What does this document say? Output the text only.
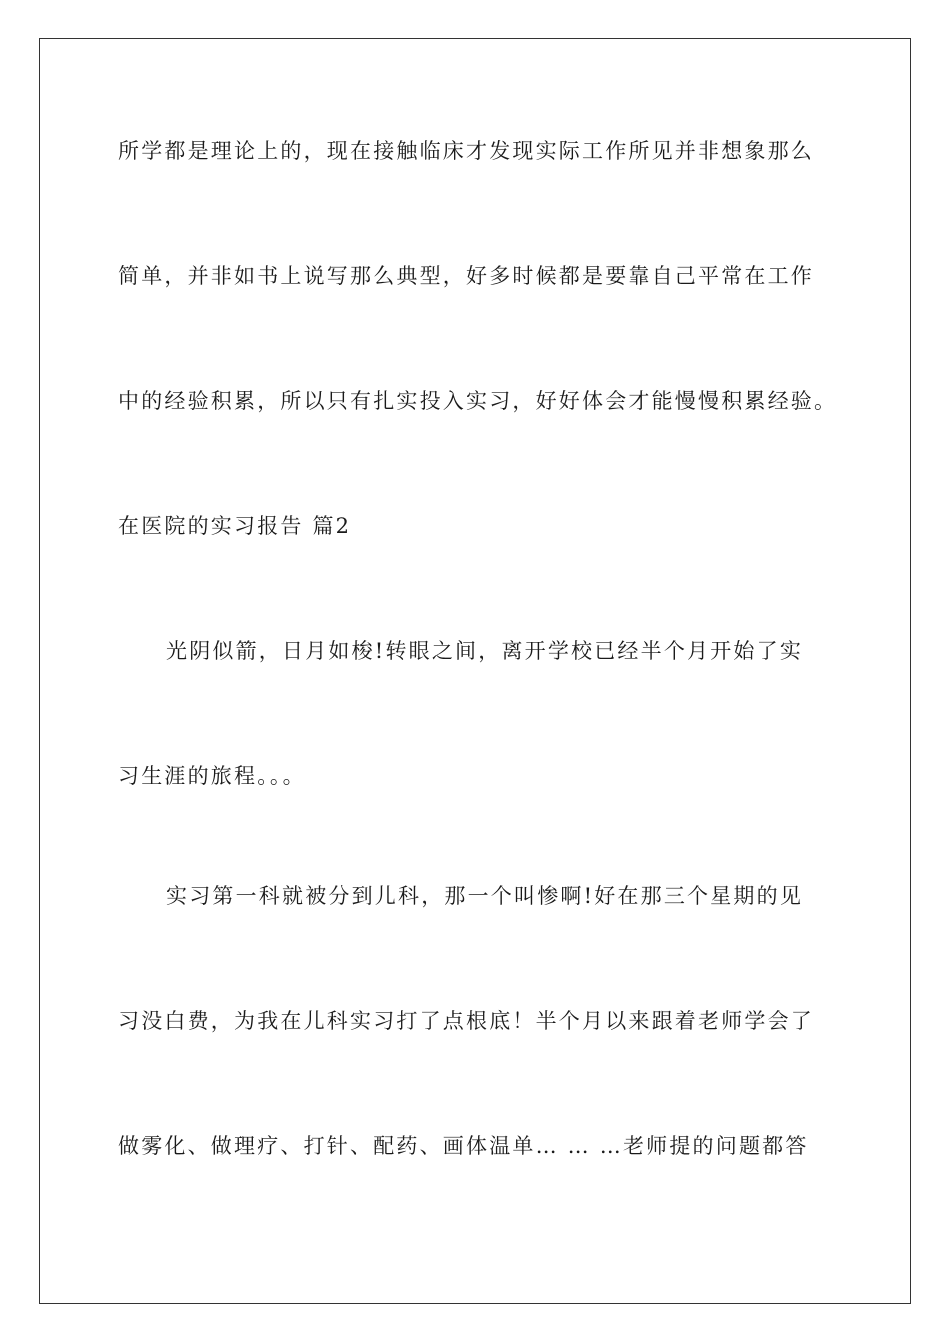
所学都是理论上的，现在接触临床才发现实际工作所见并非想象那么

简单，并非如书上说写那么典型，好多时候都是要靠自己平常在工作

中的经验积累，所以只有扎实投入实习，好好体会才能慢慢积累经验。

在医院的实习报告 篇2

光阴似箭，日月如梭!转眼之间，离开学校已经半个月开始了实

习生涯的旅程。。。

实习第一科就被分到儿科，那一个叫惨啊!好在那三个星期的见

习没白费，为我在儿科实习打了点根底！半个月以来跟着老师学会了

做雾化、做理疗、打针、配药、画体温单… … …老师提的问题都答
